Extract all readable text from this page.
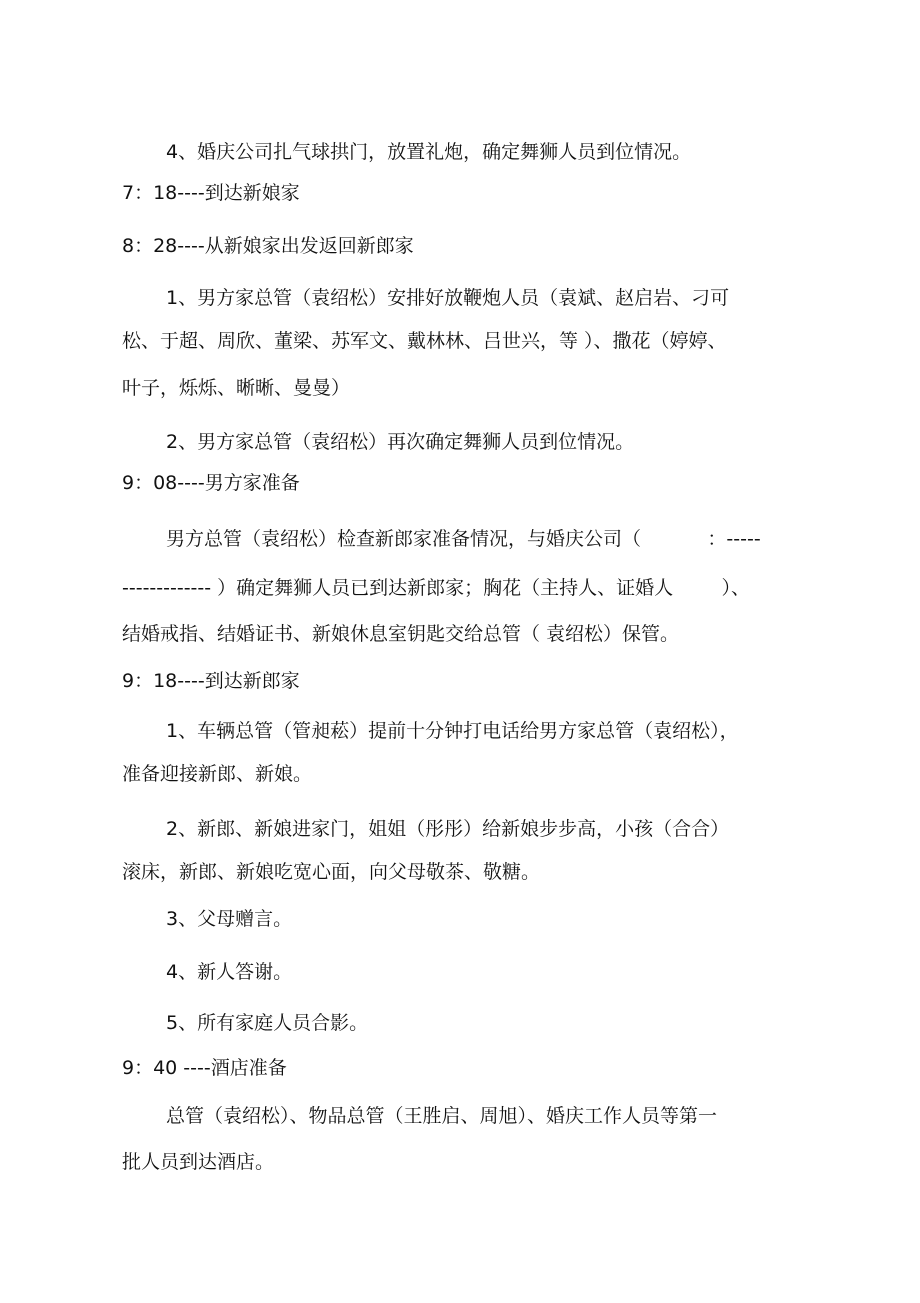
4、婚庆公司扎气球拱门，放置礼炮，确定舞狮人员到位情况。
7：18----到达新娘家
8：28----从新娘家出发返回新郎家
1、男方家总管（袁绍松）安排好放鞭炮人员（袁斌、赵启岩、刁可
松、于超、周欣、董梁、苏军文、戴林林、吕世兴，等 ）、撒花（婷婷、
叶子，烁烁、晰晰、曼曼）
2、男方家总管（袁绍松）再次确定舞狮人员到位情况。
9：08----男方家准备
男方总管（袁绍松）检查新郎家准备情况，与婚庆公司（           ：-----
------------- ）确定舞狮人员已到达新郎家；胸花（主持人、证婚人        ）、
结婚戒指、结婚证书、新娘休息室钥匙交给总管（ 袁绍松）保管。
9：18----到达新郎家
1、车辆总管（管昶菘）提前十分钟打电话给男方家总管（袁绍松），
准备迎接新郎、新娘。
2、新郎、新娘进家门，姐姐（彤彤）给新娘步步高，小孩（合合）
滚床，新郎、新娘吃宽心面，向父母敬茶、敬糖。
3、父母赠言。
4、新人答谢。
5、所有家庭人员合影。
9：40 ----酒店准备
总管（袁绍松）、物品总管（王胜启、周旭）、婚庆工作人员等第一
批人员到达酒店。
